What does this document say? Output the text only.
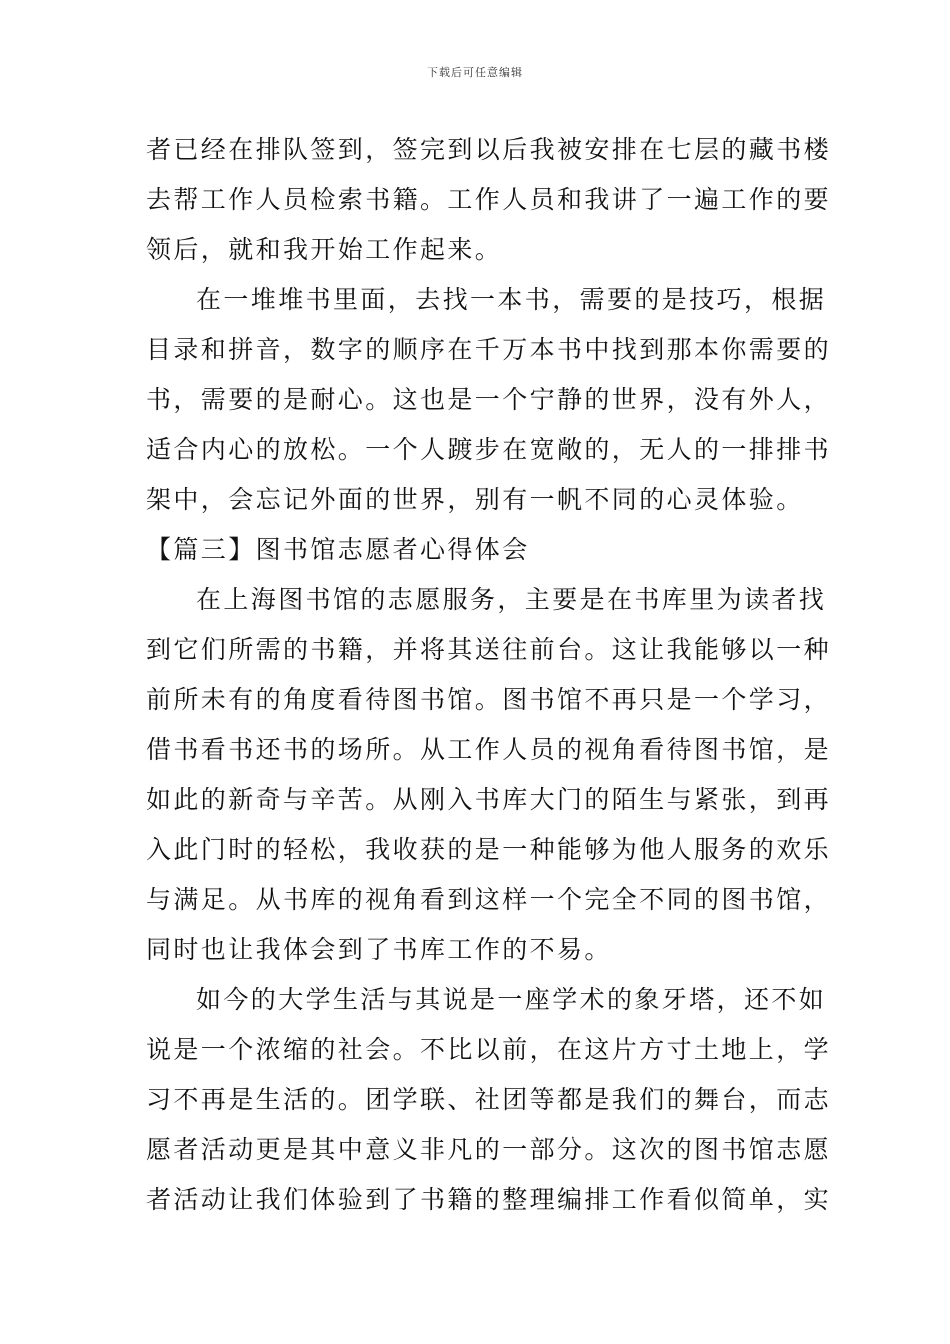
下载后可任意编辑
者已经在排队签到，签完到以后我被安排在七层的藏书楼
去帮工作人员检索书籍。工作人员和我讲了一遍工作的要
领后，就和我开始工作起来。
在一堆堆书里面，去找一本书，需要的是技巧，根据
目录和拼音，数字的顺序在千万本书中找到那本你需要的
书，需要的是耐心。这也是一个宁静的世界，没有外人，
适合内心的放松。一个人踱步在宽敞的，无人的一排排书
架中，会忘记外面的世界，别有一帆不同的心灵体验。
【篇三】图书馆志愿者心得体会
在上海图书馆的志愿服务，主要是在书库里为读者找
到它们所需的书籍，并将其送往前台。这让我能够以一种
前所未有的角度看待图书馆。图书馆不再只是一个学习，
借书看书还书的场所。从工作人员的视角看待图书馆，是
如此的新奇与辛苦。从刚入书库大门的陌生与紧张，到再
入此门时的轻松，我收获的是一种能够为他人服务的欢乐
与满足。从书库的视角看到这样一个完全不同的图书馆，
同时也让我体会到了书库工作的不易。
如今的大学生活与其说是一座学术的象牙塔，还不如
说是一个浓缩的社会。不比以前，在这片方寸土地上，学
习不再是生活的。团学联、社团等都是我们的舞台，而志
愿者活动更是其中意义非凡的一部分。这次的图书馆志愿
者活动让我们体验到了书籍的整理编排工作看似简单，实
